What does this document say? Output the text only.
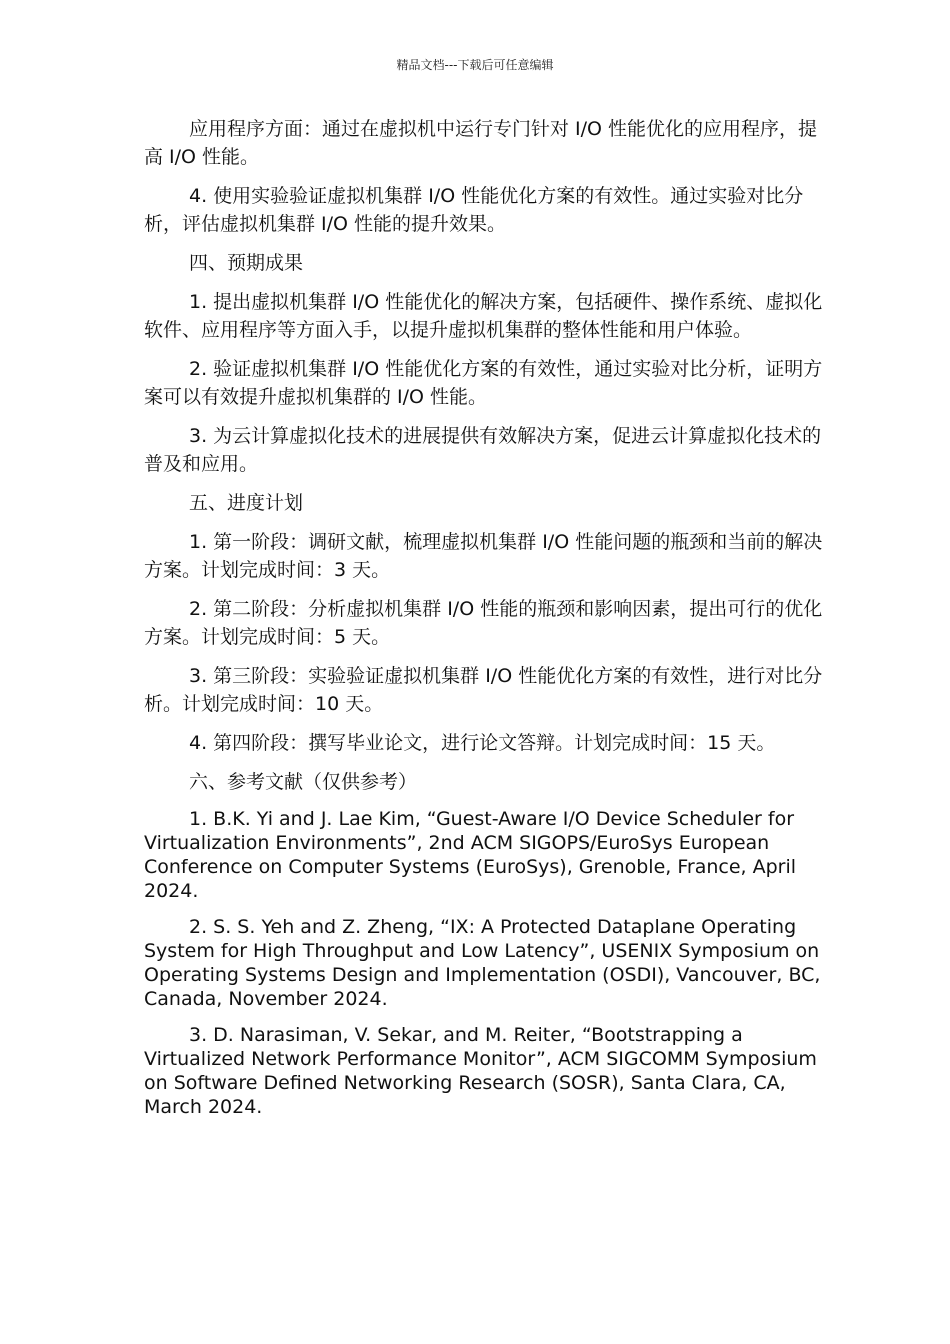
精品文档---下载后可任意编辑

应用程序方面：通过在虚拟机中运行专门针对 I/O 性能优化的应用程序，提高 I/O 性能。

4. 使用实验验证虚拟机集群 I/O 性能优化方案的有效性。通过实验对比分析，评估虚拟机集群 I/O 性能的提升效果。

四、预期成果

1. 提出虚拟机集群 I/O 性能优化的解决方案，包括硬件、操作系统、虚拟化软件、应用程序等方面入手，以提升虚拟机集群的整体性能和用户体验。

2. 验证虚拟机集群 I/O 性能优化方案的有效性，通过实验对比分析，证明方案可以有效提升虚拟机集群的 I/O 性能。

3. 为云计算虚拟化技术的进展提供有效解决方案，促进云计算虚拟化技术的普及和应用。

五、进度计划

1. 第一阶段：调研文献，梳理虚拟机集群 I/O 性能问题的瓶颈和当前的解决方案。计划完成时间：3 天。

2. 第二阶段：分析虚拟机集群 I/O 性能的瓶颈和影响因素，提出可行的优化方案。计划完成时间：5 天。

3. 第三阶段：实验验证虚拟机集群 I/O 性能优化方案的有效性，进行对比分析。计划完成时间：10 天。

4. 第四阶段：撰写毕业论文，进行论文答辩。计划完成时间：15 天。

六、参考文献（仅供参考）

1. B.K. Yi and J. Lae Kim, “Guest-Aware I/O Device Scheduler for Virtualization Environments”, 2nd ACM SIGOPS/EuroSys European Conference on Computer Systems (EuroSys), Grenoble, France, April 2024.

2. S. S. Yeh and Z. Zheng, “IX: A Protected Dataplane Operating System for High Throughput and Low Latency”, USENIX Symposium on Operating Systems Design and Implementation (OSDI), Vancouver, BC, Canada, November 2024.

3. D. Narasiman, V. Sekar, and M. Reiter, “Bootstrapping a Virtualized Network Performance Monitor”, ACM SIGCOMM Symposium on Software Defined Networking Research (SOSR), Santa Clara, CA, March 2024.
